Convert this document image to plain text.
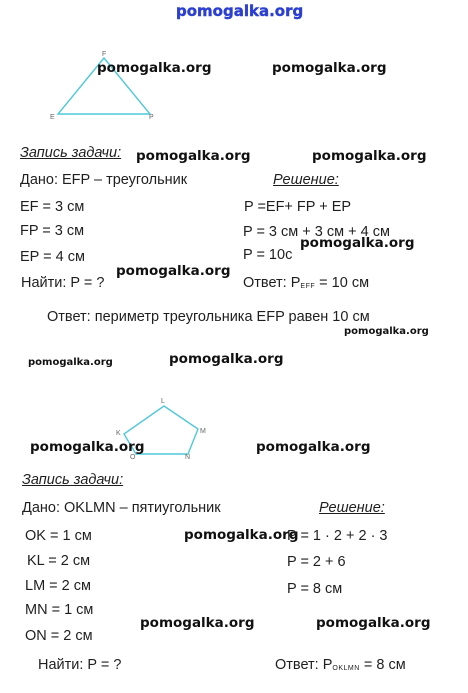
pomogalka.org
F
E	P
pomogalka.org	pomogalka.org
Запись задачи: pomogalka.org	pomogalka.org
Дано: EFP – треугольник	Решение:
EF = 3 см
FP = 3 см
EP = 4 см
P =EF+ FP + EP
P = 3 см + 3 см + 4 см
pomogalka.org
P = 10с
Найти: P = ?
pomogalka.org
Ответ: PEFF = 10 см
Ответ: периметр треугольника EFP равен 10 см
pomogalka.org
pomogalka.org	pomogalka.org
L
K	M
O	N
pomogalka.org	pomogalka.org
Запись задачи:
Дано: OKLMN – пятиугольник	Решение:
OK = 1 см	pomogalka.org
P = 1 · 2 + 2 · 3
KL = 2 см	P = 2 + 6
LM = 2 см	P = 8 см
MN = 1 см
pomogalka.org	pomogalka.org
ON = 2 см
Найти: P = ?	Ответ: POKLMN = 8 см
